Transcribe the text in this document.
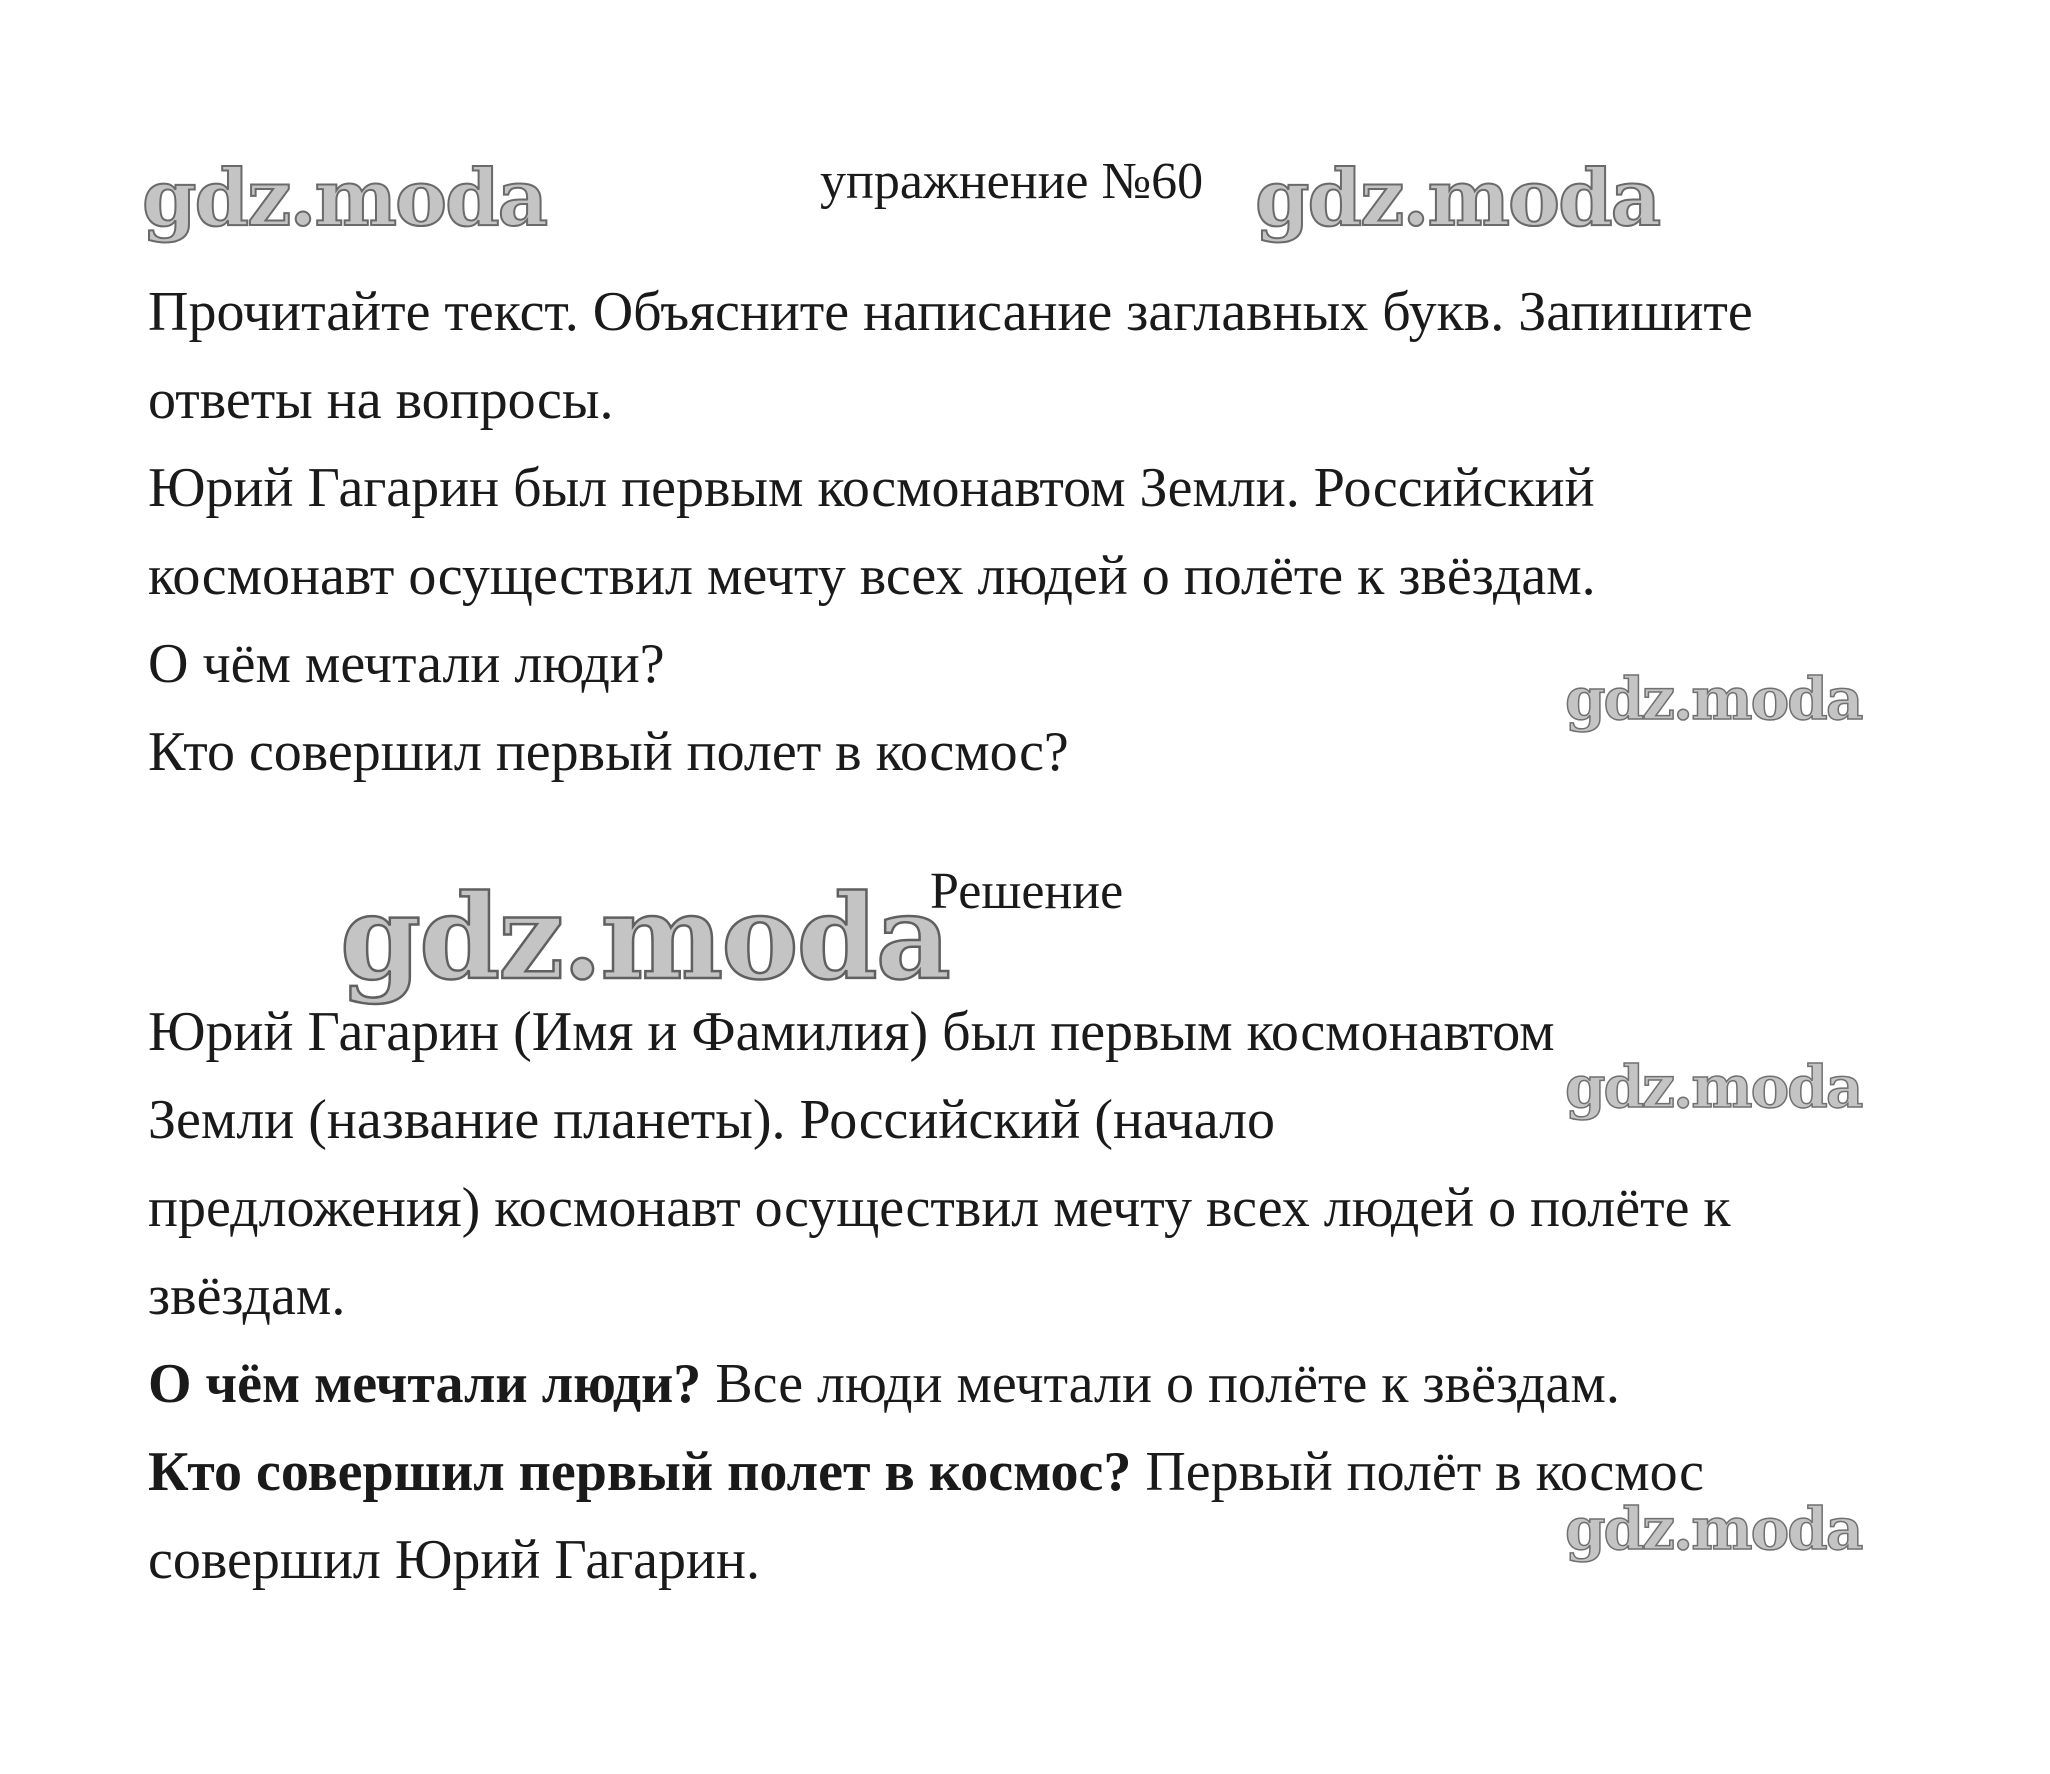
упражнение №60
Прочитайте текст. Объясните написание заглавных букв. Запишите
ответы на вопросы.
Юрий Гагарин был первым космонавтом Земли. Российский
космонавт осуществил мечту всех людей о полёте к звёздам.
О чём мечтали люди?
Кто совершил первый полет в космос?
Решение
Юрий Гагарин (Имя и Фамилия) был первым космонавтом
Земли (название планеты). Российский (начало
предложения) космонавт осуществил мечту всех людей о полёте к
звёздам.
О чём мечтали люди? Все люди мечтали о полёте к звёздам.
Кто совершил первый полет в космос? Первый полёт в космос
совершил Юрий Гагарин.
gdz.moda	gdz.moda
gdz.moda
gdz.moda
gdz.moda
gdz.moda
